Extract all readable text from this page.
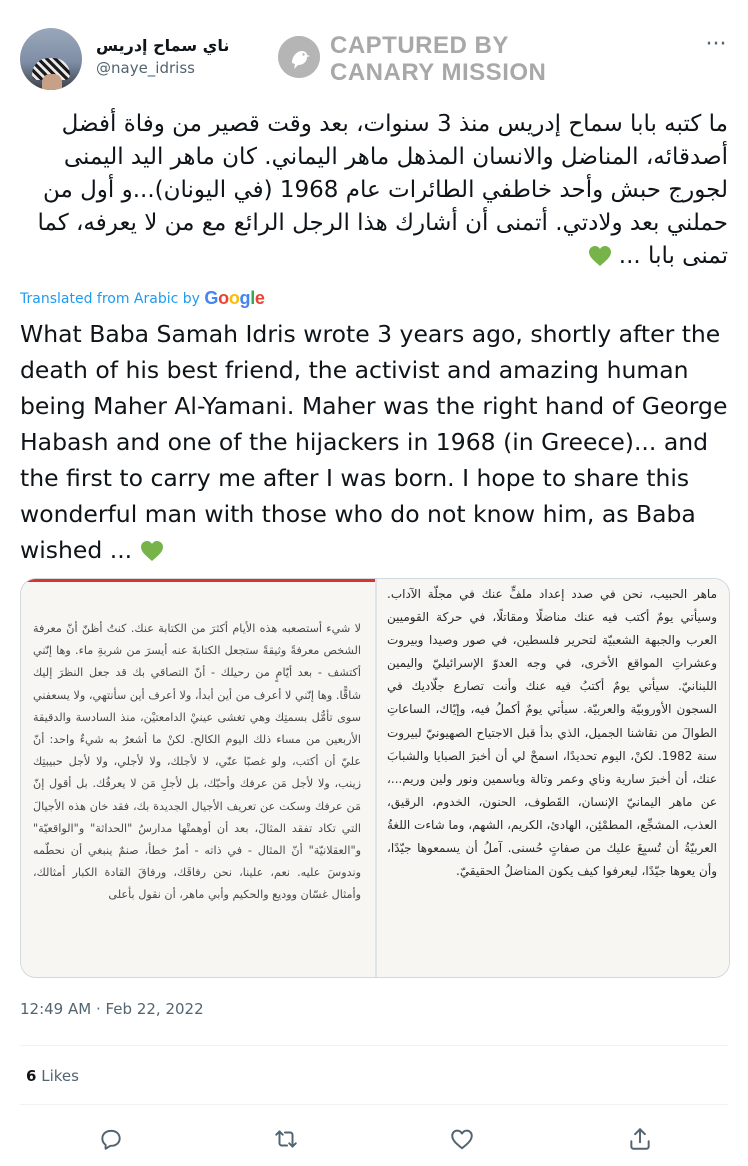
ناي سماح إدريس
@naye_idriss
CAPTURED BY
CANARY MISSION
···
ما كتبه بابا سماح إدريس منذ 3 سنوات، بعد وقت قصير من وفاة أفضل أصدقائه، المناضل والانسان المذهل ماهر اليماني. كان ماهر اليد اليمنى لجورج حبش وأحد خاطفي الطائرات عام 1968 (في اليونان)...و أول من حملني بعد ولادتي. أتمنى أن أشارك هذا الرجل الرائع مع من لا يعرفه، كما تمنى بابا ...
Translated from Arabic by Google
What Baba Samah Idris wrote 3 years ago, shortly after the death of his best friend, the activist and amazing human being Maher Al-Yamani. Maher was the right hand of George Habash and one of the hijackers in 1968 (in Greece)... and the first to carry me after I was born. I hope to share this wonderful man with those who do not know him, as Baba wished ...
لا شيء أستصعبه هذه الأيام أكثرَ من الكتابة عنك. كنتُ أظنّ أنّ معرفة الشخص معرفةً وثيقةً ستجعل الكتابةَ عنه أيسرَ من شربةِ ماء. وها إنّني أكتشف - بعد أيّامٍ من رحيلك - أنّ التصاقي بك قد جعل النظرَ إليك شاقًّا. وها إنّني لا أعرف من أين أبدأ، ولا أعرف أين سأنتهي، ولا يسعفني سوى تأمُّل بسمتِك وهي تغشى عينيْ الدامعتيْن، منذ السادسة والدقيقة الأربعين من مساء ذلك اليوم الكالح. لكنْ ما أشعرُ به شيءٌ واحد: أنّ عليّ أن أكتب، ولو غصبًا عنّي، لا لأجلك، ولا لأجلي، ولا لأجل حبيبتِك زينب، ولا لأجل مَن عرفك وأحبّك، بل لأجلِ مَن لا يعرفُك. بل أقول إنّ مَن عرفك وسكت عن تعريف الأجيال الجديدة بك، فقد خان هذه الأجيالَ التي تكاد تفقد المثالَ، بعد أن أوهمتْها مدارسُ "الحداثة" و"الواقعيّة" و"العقلانيّة" أنّ المثال - في ذاته - أمرٌ خطأ، صنمٌ ينبغي أن نحطّمه وندوسَ عليه. نعم، علينا، نحن رفاقَك، ورفاقَ القادة الكبار أمثالك، وأمثال غسّان ووديع والحكيم وأبي ماهر، أن نقول بأعلى
ماهر الحبيب، نحن في صدد إعداد ملفٍّ عنك في مجلّة الآداب. وسيأتي يومٌ أكتب فيه عنك مناضلًا ومقاتلًا، في حركة القوميين العرب والجبهة الشعبيّة لتحرير فلسطين، في صور وصيدا وبيروت وعشراتِ المواقع الأخرى، في وجه العدوّ الإسرائيليّ واليمين اللبنانيّ. سيأتي يومٌ أكتبُ فيه عنك وأنت تصارع جلّاديك في السجون الأوروبيّة والعربيّة. سيأتي يومٌ أكملُ فيه، وإيّاك، الساعاتِ الطوالَ من نقاشنا الجميل، الذي بدأ قبل الاجتياح الصهيونيّ لبيروت سنة 1982. لكنْ، اليوم تحديدًا، اسمحْ لي أن أخبرَ الصبايا والشبابَ عنك، أن أخبرَ سارية وناي وعمر وتالة وياسمين ونور ولين وريم...، عن ماهر اليمانيّ الإنسان، القَطوف، الحنون، الخدوم، الرقيق، العذب، المشجِّع، المطمْئِن، الهادئ، الكريم، الشهم، وما شاءت اللغةُ العربيّةُ أن تُسبِغَ عليك من صفاتٍ حُسنى. آملُ أن يسمعوها جيّدًا، وأن يعوها جيّدًا، ليعرفوا كيف يكون المناضلُ الحقيقيّ.
12:49 AM · Feb 22, 2022
6 Likes
